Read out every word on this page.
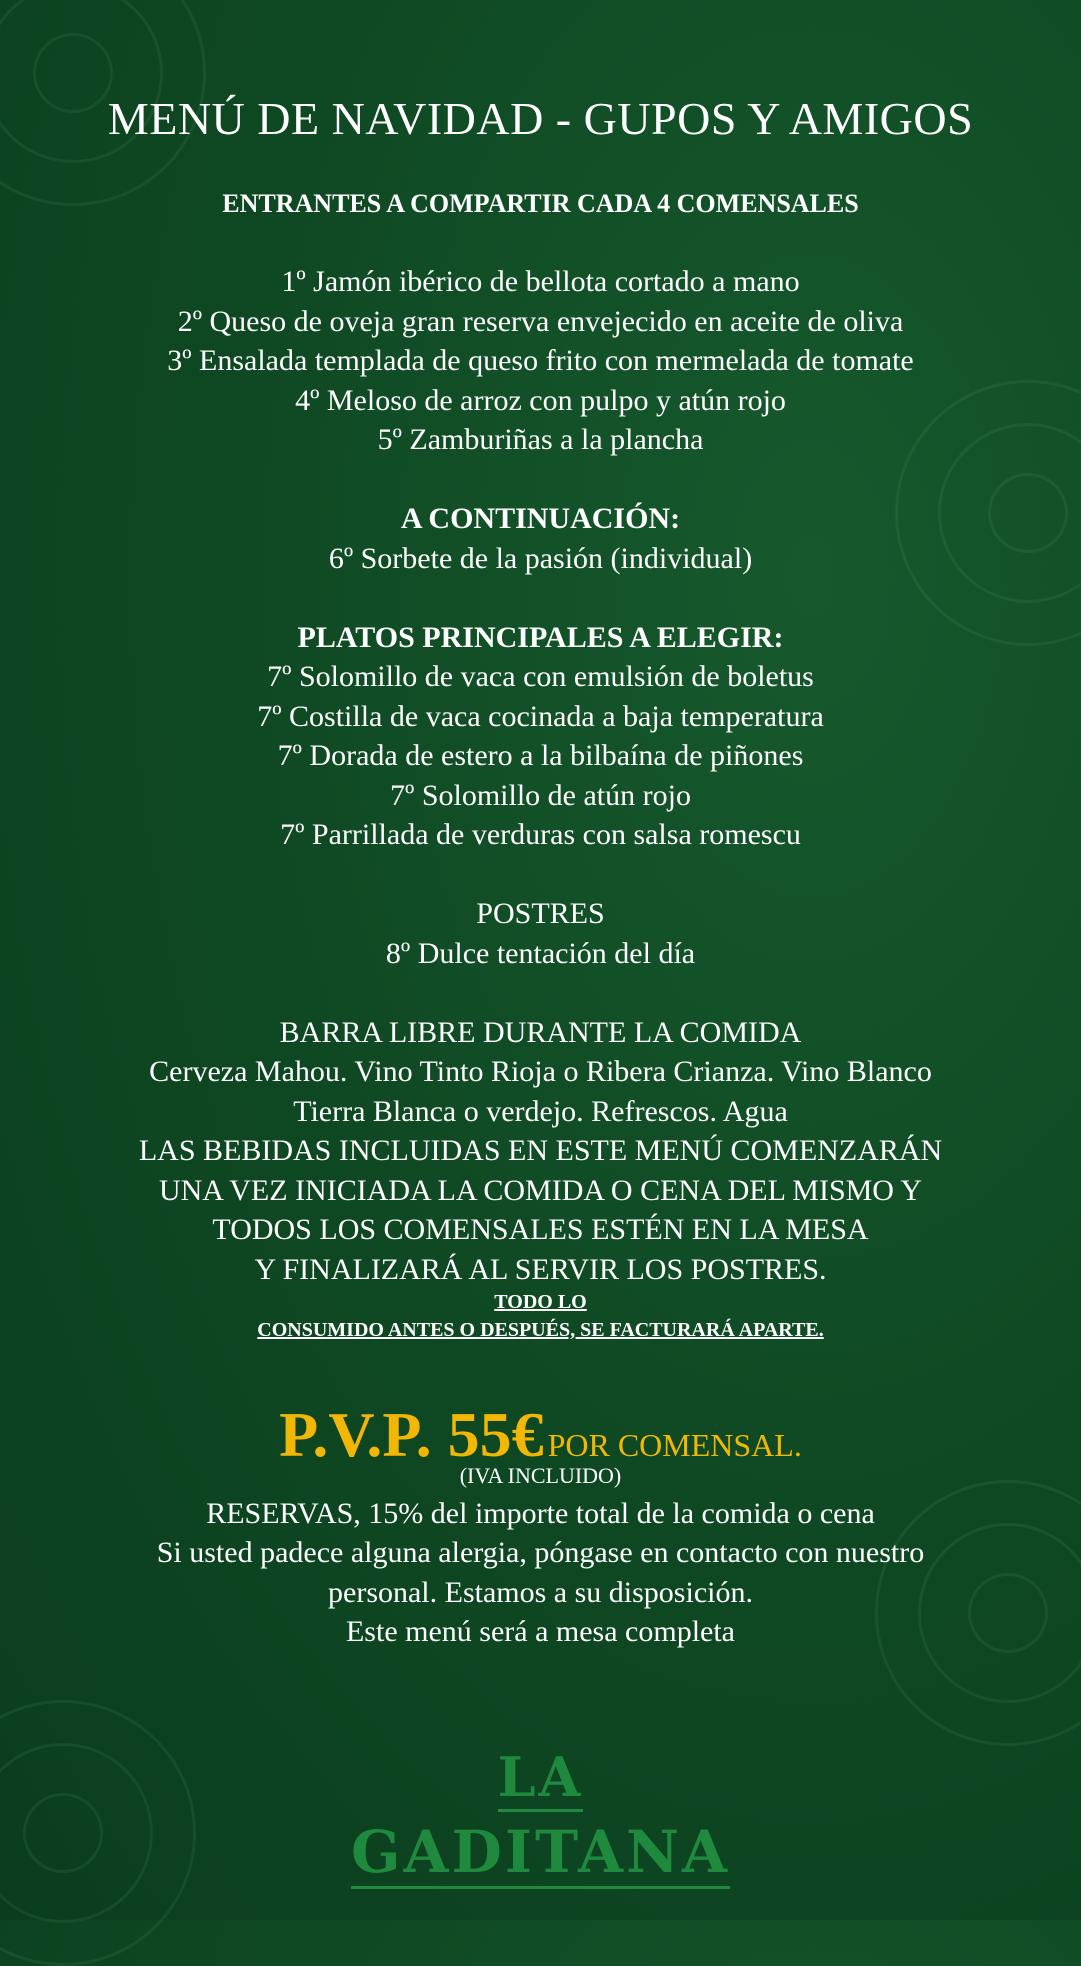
MENÚ DE NAVIDAD - GUPOS Y AMIGOS
ENTRANTES A COMPARTIR CADA 4 COMENSALES
1º Jamón ibérico de bellota cortado a mano
2º Queso de oveja gran reserva envejecido en aceite de oliva
3º Ensalada templada de queso frito con mermelada de tomate
4º Meloso de arroz con pulpo y atún rojo
5º Zamburiñas a la plancha
A CONTINUACIÓN:
6º Sorbete de la pasión (individual)
PLATOS PRINCIPALES A ELEGIR:
7º Solomillo de vaca con emulsión de boletus
7º Costilla de vaca cocinada a baja temperatura
7º Dorada de estero a la bilbaína de piñones
7º Solomillo de atún rojo
7º Parrillada de verduras con salsa romescu
POSTRES
8º Dulce tentación del día
BARRA LIBRE DURANTE LA COMIDA
Cerveza Mahou. Vino Tinto Rioja o Ribera Crianza. Vino Blanco
Tierra Blanca o verdejo. Refrescos. Agua
LAS BEBIDAS INCLUIDAS EN ESTE MENÚ COMENZARÁN
UNA VEZ INICIADA LA COMIDA O CENA DEL MISMO Y
TODOS LOS COMENSALES ESTÉN EN LA MESA
Y FINALIZARÁ AL SERVIR LOS POSTRES.
TODO LO
CONSUMIDO ANTES O DESPUÉS, SE FACTURARÁ APARTE.
P.V.P. 55€ POR COMENSAL.
(IVA INCLUIDO)
RESERVAS, 15% del importe total de la comida o cena
Si usted padece alguna alergia, póngase en contacto con nuestro
personal. Estamos a su disposición.
Este menú será a mesa completa
LA
GADITANA
